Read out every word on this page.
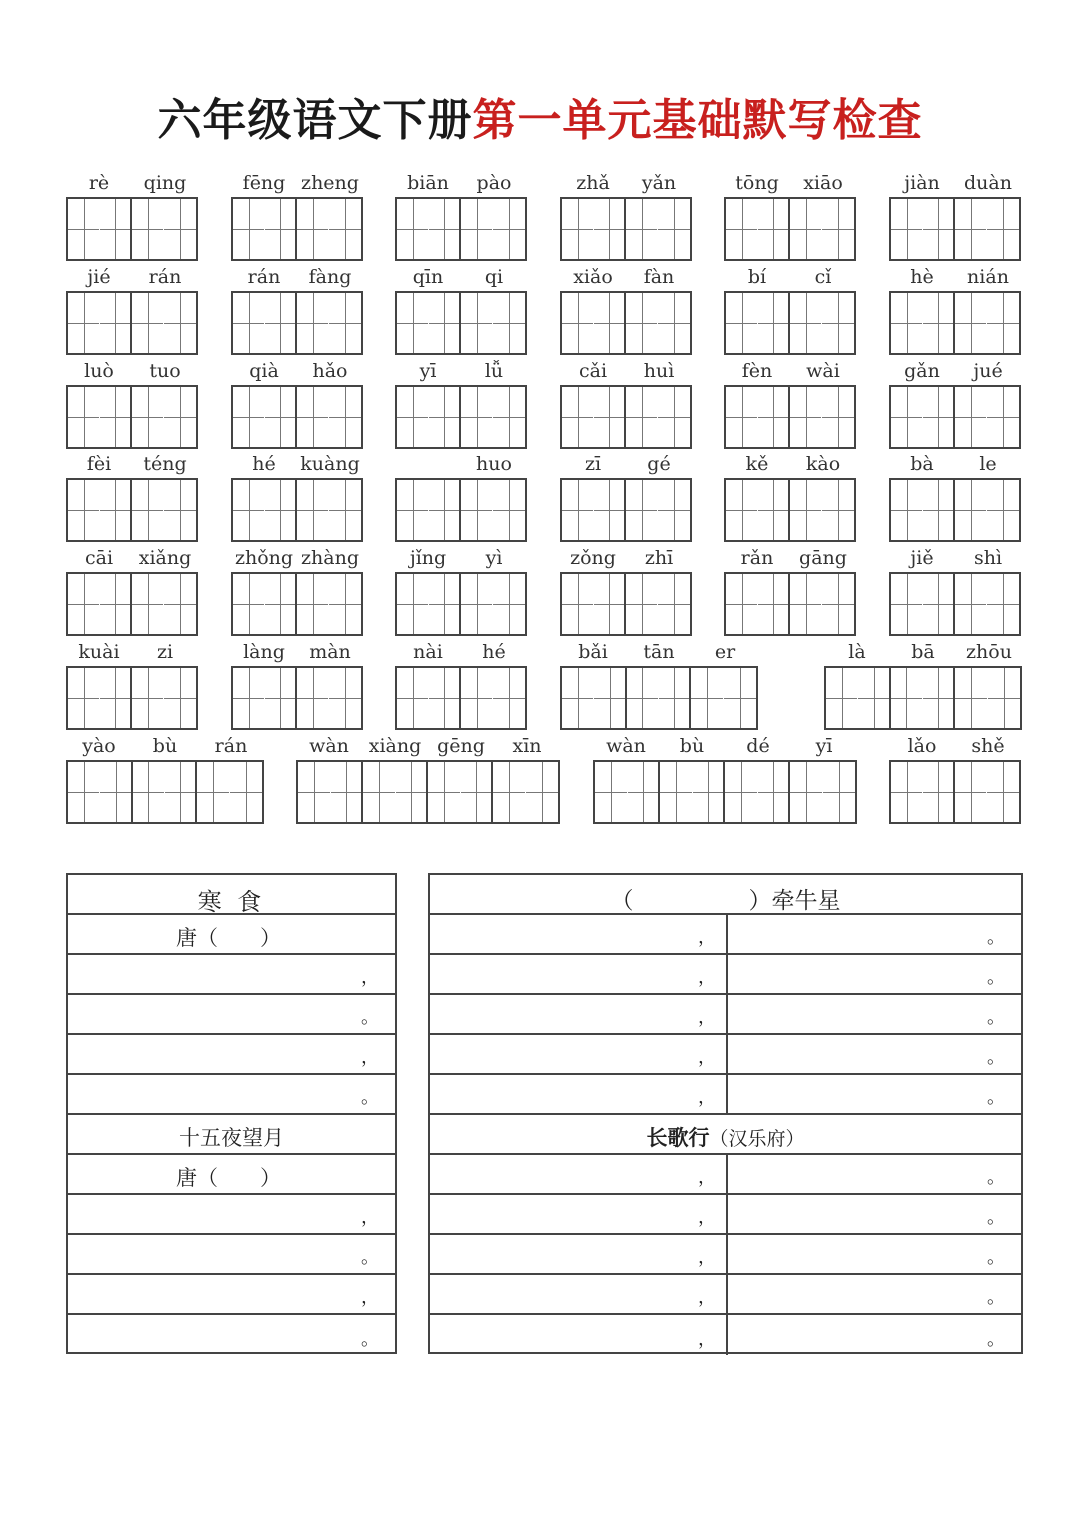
六年级语文下册第一单元基础默写检查
rè qing	fēng zheng	biān pào	zhǎ yǎn	tōng xiāo	jiàn duàn
jié rán	rán fàng	qīn qi	xiǎo fàn	bí	cǐ	hè nián
luò tuo	qià hǎo	yī	lǚ	cǎi huì	fèn wài	gǎn jué
fèi téng	hé kuàng	huo	zī gé	kě kào	bà le
cāi xiǎng zhǒng zhàng	jǐng yì	zǒng zhī	rǎn gāng	jiě shì
kuài zi	làng màn	nài hé	bǎi tān er	là bā zhōu
yào bù rán	wàn xiàng gēng xīn	wàn bù dé yī	lǎo shě
寒 食
唐（　　）
，
。
，
。
十五夜望月
唐（　　）
，
。
，
。
（　　　　　）牵牛星
，	。
，	。
，	。
，	。
，	。
长歌行（汉乐府）
，	。
，	。
，	。
，	。
，	。
